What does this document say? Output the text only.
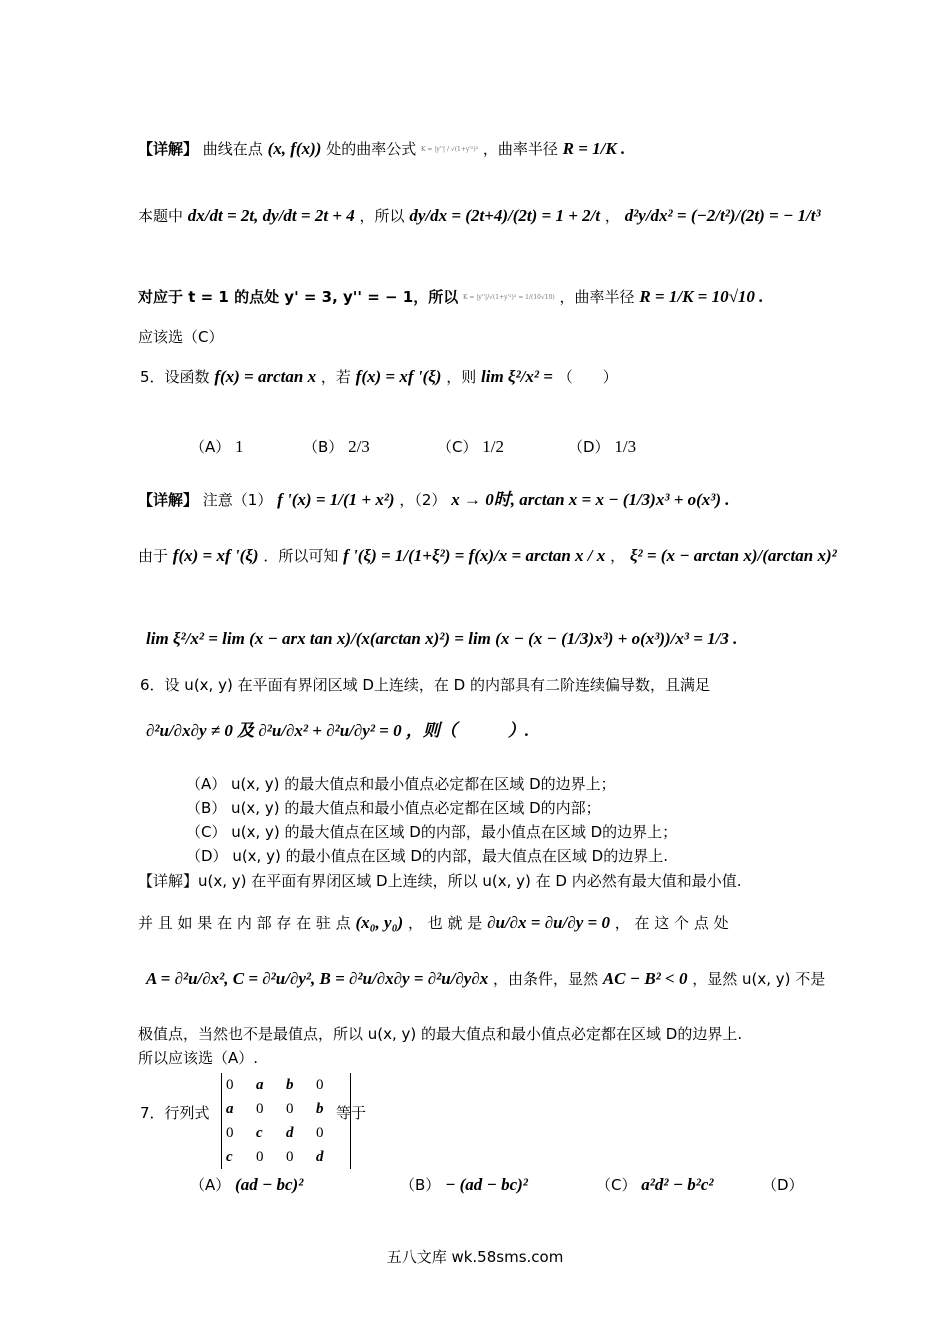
【详解】 曲线在点 (x, f(x)) 处的曲率公式 K = |y''| / √(1+y'²)³ ，曲率半径 R = 1/K .
本题中 dx/dt = 2t, dy/dt = 2t + 4 ，所以 dy/dx = (2t+4)/(2t) = 1 + 2/t ， d²y/dx² = (−2/t²)/(2t) = − 1/t³
对应于 t = 1 的点处 y' = 3, y'' = − 1，所以 K = |y''|/√(1+y'²)³ = 1/(10√10) ，曲率半径 R = 1/K = 10√10 .
应该选（C）
5．设函数 f(x) = arctan x ，若 f(x) = xf '(ξ) ，则 lim ξ²/x² = （　　）
（A） 1	（B） 2/3	（C） 1/2	（D） 1/3
【详解】 注意（1） f '(x) = 1/(1 + x²) ，（2） x → 0时, arctan x = x − (1/3)x³ + o(x³) .
由于 f(x) = xf '(ξ) ．所以可知 f '(ξ) = 1/(1+ξ²) = f(x)/x = arctan x / x ， ξ² = (x − arctan x)/(arctan x)²
lim ξ²/x² = lim (x − arx tan x)/(x(arctan x)²) = lim (x − (x − (1/3)x³) + o(x³))/x³ = 1/3 .
6．设 u(x, y) 在平面有界闭区域 D上连续，在 D 的内部具有二阶连续偏导数，且满足
∂²u/∂x∂y ≠ 0 及 ∂²u/∂x² + ∂²u/∂y² = 0 ，则（　　　）.
（A） u(x, y) 的最大值点和最小值点必定都在区域 D的边界上；
（B） u(x, y) 的最大值点和最小值点必定都在区域 D的内部；
（C） u(x, y) 的最大值点在区域 D的内部，最小值点在区域 D的边界上；
（D） u(x, y) 的最小值点在区域 D的内部，最大值点在区域 D的边界上.
【详解】u(x, y) 在平面有界闭区域 D上连续，所以 u(x, y) 在 D 内必然有最大值和最小值.
并 且 如 果 在 内 部 存 在 驻 点 (x₀, y₀) ， 也 就 是 ∂u/∂x = ∂u/∂y = 0 ， 在 这 个 点 处
A = ∂²u/∂x², C = ∂²u/∂y², B = ∂²u/∂x∂y = ∂²u/∂y∂x ，由条件，显然 AC − B² < 0 ，显然 u(x, y) 不是
极值点，当然也不是最值点，所以 u(x, y) 的最大值点和最小值点必定都在区域 D的边界上.
所以应该选（A）.
7．行列式
0	a	b	0
a	0	0	b
0	c	d	0
c	0	0	d
等于
（A） (ad − bc)²	（B） − (ad − bc)²	（C） a²d² − b²c²	（D）
五八文库 wk.58sms.com
